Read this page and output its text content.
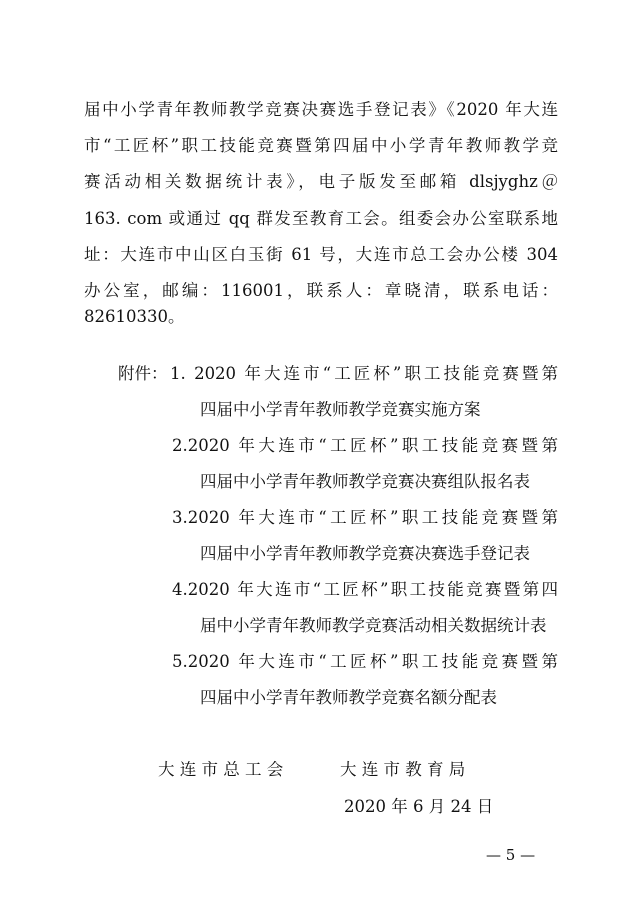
届中小学青年教师教学竞赛决赛选手登记表》《2020 年大连
市“工匠杯”职工技能竞赛暨第四届中小学青年教师教学竞
赛活动相关数据统计表》，电子版发至邮箱 dlsjyghz＠
163. com 或通过 qq 群发至教育工会。组委会办公室联系地
址：大连市中山区白玉街 61 号，大连市总工会办公楼 304
办公室，邮编：116001，联系人：章晓清，联系电话：
82610330。
附件： 1. 2020 年大连市“工匠杯”职工技能竞赛暨第
四届中小学青年教师教学竞赛实施方案
2.2020 年大连市“工匠杯”职工技能竞赛暨第
四届中小学青年教师教学竞赛决赛组队报名表
3.2020 年大连市“工匠杯”职工技能竞赛暨第
四届中小学青年教师教学竞赛决赛选手登记表
4.2020 年大连市“工匠杯”职工技能竞赛暨第四
届中小学青年教师教学竞赛活动相关数据统计表
5.2020 年大连市“工匠杯”职工技能竞赛暨第
四届中小学青年教师教学竞赛名额分配表
大 连 市 总 工 会	大 连 市 教 育 局
2020 年 6 月 24 日
— 5 —
